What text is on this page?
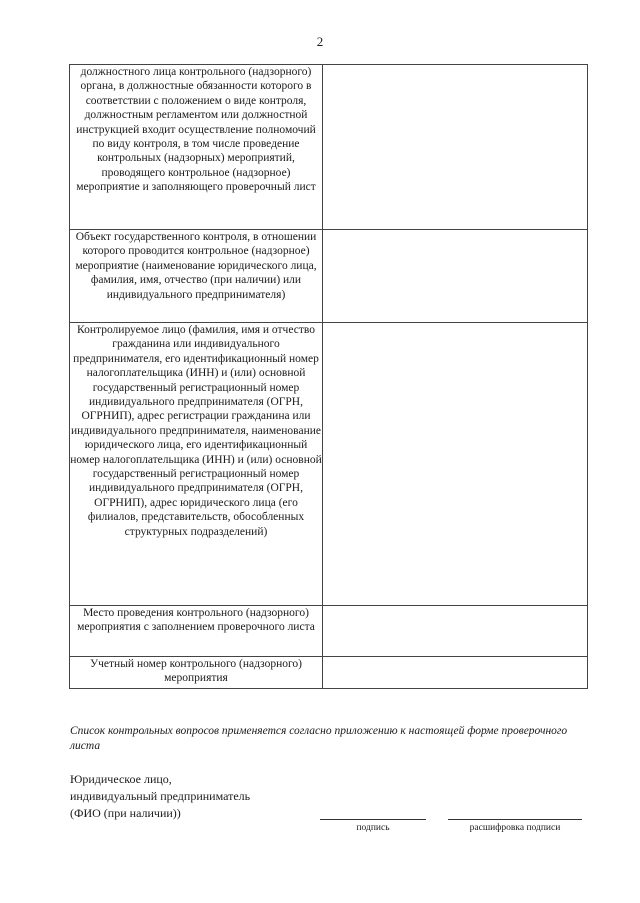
2
должностного лица контрольного (надзорного) органа, в должностные обязанности которого в соответствии с положением о виде контроля, должностным регламентом или должностной инструкцией входит осуществление полномочий по виду контроля, в том числе проведение контрольных (надзорных) мероприятий, проводящего контрольное (надзорное) мероприятие и заполняющего проверочный лист	
Объект государственного контроля, в отношении которого проводится контрольное (надзорное) мероприятие (наименование юридического лица, фамилия, имя, отчество (при наличии) или индивидуального предпринимателя)	
Контролируемое лицо (фамилия, имя и отчество гражданина или индивидуального предпринимателя, его идентификационный номер налогоплательщика (ИНН) и (или) основной государственный регистрационный номер индивидуального предпринимателя (ОГРН, ОГРНИП), адрес регистрации гражданина или индивидуального предпринимателя, наименование юридического лица, его идентификационный номер налогоплательщика (ИНН) и (или) основной государственный регистрационный номер индивидуального предпринимателя (ОГРН, ОГРНИП), адрес юридического лица (его филиалов, представительств, обособленных структурных подразделений)	
Место проведения контрольного (надзорного) мероприятия с заполнением проверочного листа	
Учетный номер контрольного (надзорного) мероприятия	
Список контрольных вопросов применяется согласно приложению к настоящей форме проверочного листа
Юридическое лицо,
индивидуальный предприниматель
(ФИО (при наличии))
подпись	расшифровка подписи
